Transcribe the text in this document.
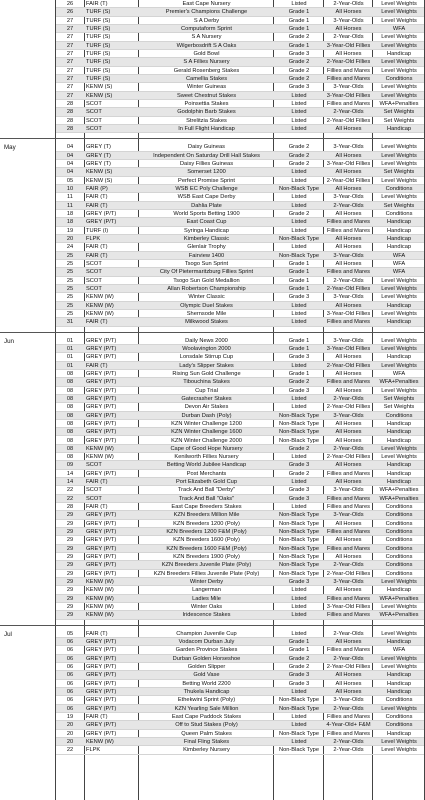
26	FAIR (T)	East Cape Nursery	Listed	2-Year-Olds	Level Weights
26	TURF (S)	Premier's Champions Challenge	Grade 1	All Horses	Level Weights
27	TURF (S)	S A Derby	Grade 1	3-Year-Olds	Level Weights
27	TURF (S)	Computaform Sprint	Grade 1	All Horses	WFA
27	TURF (S)	S A Nursery	Grade 2	2-Year-Olds	Level Weights
27	TURF (S)	Wilgerbosdrift S A Oaks	Grade 1	3-Year-Old Fillies	Level Weights
27	TURF (S)	Gold Bowl	Grade 3	All Horses	Handicap
27	TURF (S)	S A Fillies Nursery	Grade 2	2-Year-Old Fillies	Level Weights
27	TURF (S)	Gerald Rosenberg Stakes	Grade 2	Fillies and Mares	Level Weights
27	TURF (S)	Camellia Stakes	Grade 2	Fillies and Mares	Conditions
27	KENW (S)	Winter Guineas	Grade 3	3-Year-Olds	Level Weights
27	KENW (S)	Sweet Chestnut Stakes	Listed	3-Year-Old Fillies	Level Weights
28	SCOT	Poinsettia Stakes	Listed	Fillies and Mares	WFA+Penalties
28	SCOT	Godolphin Barb Stakes	Listed	2-Year-Olds	Set Weights
28	SCOT	Strelitzia Stakes	Listed	2-Year-Old Fillies	Set Weights
28	SCOT	In Full Flight Handicap	Listed	All Horses	Handicap
May	04	GREY (T)	Daisy Guineas	Grade 2	3-Year-Olds	Level Weights
04	GREY (T)	Independent On Saturday Drill Hall Stakes	Grade 2	All Horses	Level Weights
04	GREY (T)	Daisy Fillies Guineas	Grade 2	3-Year-Old Fillies	Level Weights
04	KENW (S)	Somerset 1200	Listed	All Horses	Set Weights
05	KENW (S)	Perfect Promise Sprint	Listed	2-Year-Old Fillies	Level Weights
10	FAIR (P)	WSB EC Poly Challenge	Non-Black Type	All Horses	Conditions
11	FAIR (T)	WSB East Cape Derby	Listed	3-Year-Olds	Level Weights
11	FAIR (T)	Dahlia Plate	Listed	2-Year-Olds	Set Weights
18	GREY (P/T)	World Sports Betting 1900	Grade 2	All Horses	Conditions
18	GREY (P/T)	East Coast Cup	Listed	Fillies and Mares	Handicap
19	TURF (I)	Syringa Handicap	Listed	Fillies and Mares	Handicap
20	FLPK	Kimberley Classic	Non-Black Type	All Horses	Handicap
24	FAIR (T)	Glenlair Trophy	Listed	All Horses	Handicap
25	FAIR (T)	Fairview 1400	Non-Black Type	3-Year-Olds	WFA
25	SCOT	Tsogo Sun Sprint	Grade 1	All Horses	WFA
25	SCOT	City Of Pietermaritzburg Fillies Sprint	Grade 1	Fillies and Mares	WFA
25	SCOT	Tsogo Sun Gold Medallion	Grade 1	2-Year-Olds	Level Weights
25	SCOT	Allan Robertson Championship	Grade 1	2-Year-Old Fillies	Level Weights
25	KENW (W)	Winter Classic	Grade 3	3-Year-Olds	Level Weights
25	KENW (W)	Olympic Duel Stakes	Listed	All Horses	Handicap
25	KENW (W)	Shernsode Mile	Listed	3-Year-Old Fillies	Level Weights
31	FAIR (T)	Milkwood Stakes	Listed	Fillies and Mares	Handicap
Jun	01	GREY (P/T)	Daily News 2000	Grade 1	3-Year-Olds	Level Weights
01	GREY (P/T)	Woolavington 2000	Grade 1	3-Year-Old Fillies	Level Weights
01	GREY (P/T)	Lonsdale Stirrup Cup	Grade 3	All Horses	Handicap
01	FAIR (T)	Lady's Slipper Stakes	Listed	2-Year-Old Fillies	Level Weights
08	GREY (P/T)	Rising Sun Gold Challenge	Grade 1	All Horses	WFA
08	GREY (P/T)	Tibouchina Stakes	Grade 2	Fillies and Mares	WFA+Penalties
08	GREY (P/T)	Cup Trial	Grade 3	All Horses	Level Weights
08	GREY (P/T)	Gatecrasher Stakes	Listed	2-Year-Olds	Set Weights
08	GREY (P/T)	Devon Air Stakes	Listed	2-Year-Old Fillies	Set Weights
08	GREY (P/T)	Durban Dash (Poly)	Non-Black Type	3-Year-Olds	Conditions
08	GREY (P/T)	KZN Winter Challenge 1200	Non-Black Type	All Horses	Handicap
08	GREY (P/T)	KZN Winter Challenge 1600	Non-Black Type	All Horses	Handicap
08	GREY (P/T)	KZN Winter Challenge 2000	Non-Black Type	All Horses	Handicap
08	KENW (W)	Cape of Good Hope Nursery	Grade 2	2-Year-Olds	Level Weights
08	KENW (W)	Kenilworth Fillies Nursery	Listed	2-Year-Old Fillies	Level Weights
09	SCOT	Betting World Jubilee Handicap	Grade 3	All Horses	Handicap
14	GREY (P/T)	Post Merchants	Grade 2	Fillies and Mares	Handicap
14	FAIR (T)	Port Elizabeth Gold Cup	Listed	All Horses	Handicap
22	SCOT	Track And Ball "Derby"	Grade 3	3-Year-Olds	WFA+Penalties
22	SCOT	Track And Ball "Oaks"	Grade 3	Fillies and Mares	WFA+Penalties
28	FAIR (T)	East Cape Breeders Stakes	Listed	Fillies and Mares	Conditions
29	GREY (P/T)	KZN Breeders Million Mile	Non-Black Type	3-Year-Olds	Conditions
29	GREY (P/T)	KZN Breeders 1200 (Poly)	Non-Black Type	All Horses	Conditions
29	GREY (P/T)	KZN Breeders 1200 F&M (Poly)	Non-Black Type	Fillies and Mares	Conditions
29	GREY (P/T)	KZN Breeders 1600 (Poly)	Non-Black Type	All Horses	Conditions
29	GREY (P/T)	KZN Breeders 1600 F&M (Poly)	Non-Black Type	Fillies and Mares	Conditions
29	GREY (P/T)	KZN Breeders 1900 (Poly)	Non-Black Type	All Horses	Conditions
29	GREY (P/T)	KZN Breeders Juvenile Plate (Poly)	Non-Black Type	2-Year-Olds	Conditions
29	GREY (P/T)	KZN Breeders Fillies Juvenile Plate (Poly)	Non-Black Type	2-Year-Old Fillies	Conditions
29	KENW (W)	Winter Derby	Grade 3	3-Year-Olds	Level Weights
29	KENW (W)	Langerman	Listed	All Horses	Handicap
29	KENW (W)	Ladies Mile	Listed	Fillies and Mares	WFA+Penalties
29	KENW (W)	Winter Oaks	Listed	3-Year-Old Fillies	Level Weights
29	KENW (W)	Iridescence Stakes	Listed	Fillies and Mares	WFA+Penalties
Jul	05	FAIR (T)	Champion Juvenile Cup	Listed	2-Year-Olds	Level Weights
06	GREY (P/T)	Vodacom Durban July	Grade 1	All Horses	Handicap
06	GREY (P/T)	Garden Province Stakes	Grade 1	Fillies and Mares	WFA
06	GREY (P/T)	Durban Golden Horseshoe	Grade 2	2-Year-Olds	Level Weights
06	GREY (P/T)	Golden Slipper	Grade 2	2-Year-Old Fillies	Level Weights
06	GREY (P/T)	Gold Vase	Grade 3	All Horses	Handicap
06	GREY (P/T)	Betting World 2200	Grade 3	All Horses	Handicap
06	GREY (P/T)	Thukela Handicap	Listed	All Horses	Handicap
06	GREY (P/T)	Ethekwini Sprint (Poly)	Non-Black Type	3-Year-Olds	Conditions
06	GREY (P/T)	KZN Yearling Sale Million	Non-Black Type	2-Year-Olds	Level Weights
19	FAIR (T)	East Cape Paddock Stakes	Listed	Fillies and Mares	Conditions
20	GREY (P/T)	Off to Stud Stakes (Poly)	Listed	4-Year-Old+ F&M	Conditions
20	GREY (P/T)	Queen Palm Stakes	Non-Black Type	Fillies and Mares	Handicap
20	KENW (W)	Final Fling Stakes	Listed	2-Year-Olds	Level Weights
22	FLPK	Kimberley Nursery	Non-Black Type	2-Year-Olds	Level Weights
